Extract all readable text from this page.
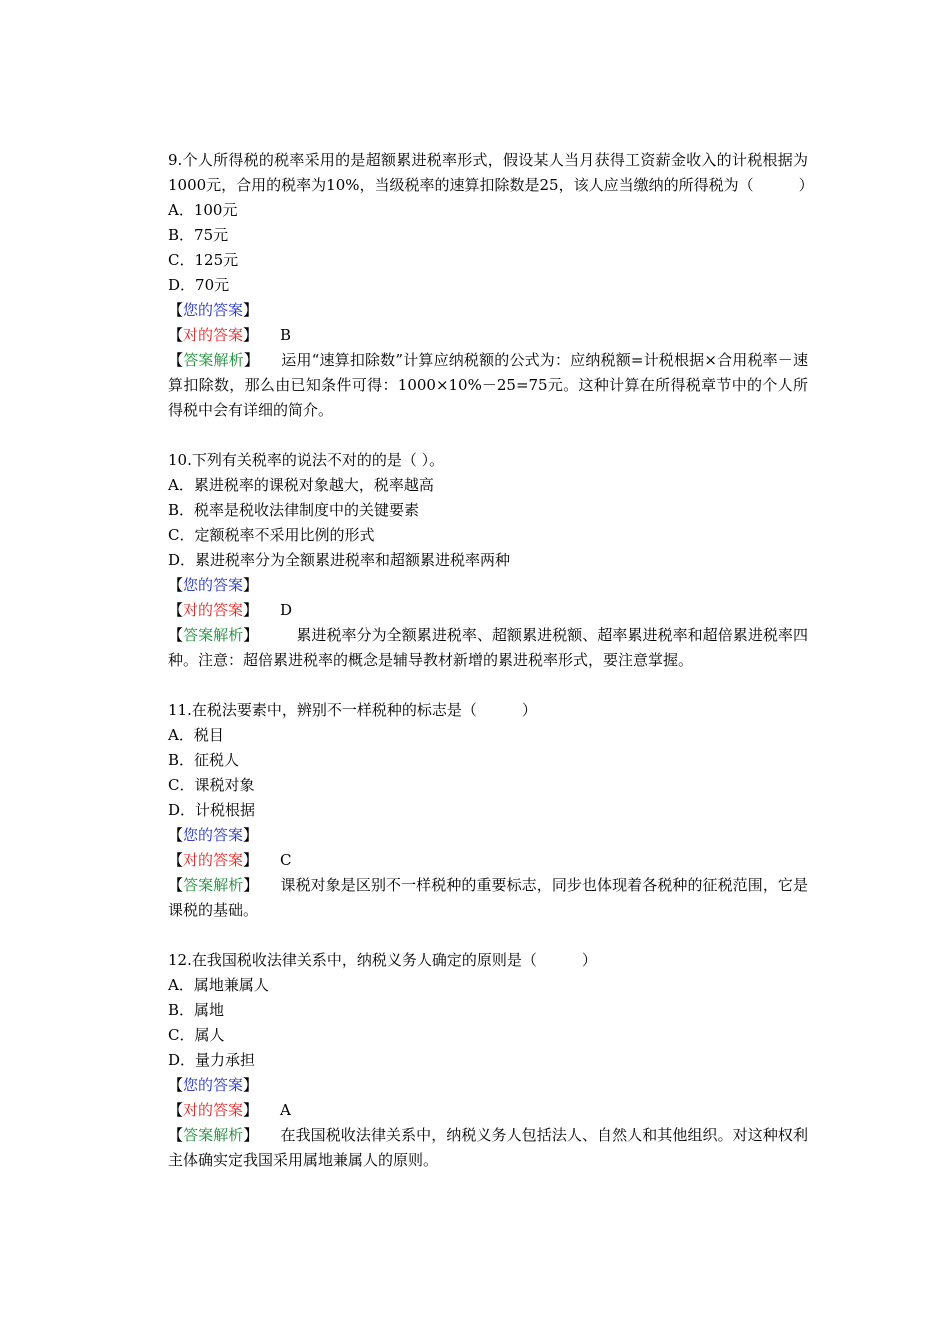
9.个人所得税的税率采用的是超额累进税率形式，假设某人当月获得工资薪金收入的计税根据为1000元，合用的税率为10%，当级税率的速算扣除数是25，该人应当缴纳的所得税为（　　　）
A．100元
B．75元
C．125元
D．70元
【您的答案】
【对的答案】 B
【答案解析】 运用“速算扣除数”计算应纳税额的公式为：应纳税额=计税根据×合用税率－速算扣除数，那么由已知条件可得：1000×10%－25=75元。这种计算在所得税章节中的个人所得税中会有详细的简介。
10.下列有关税率的说法不对的的是（ ）。
A．累进税率的课税对象越大，税率越高
B．税率是税收法律制度中的关键要素
C．定额税率不采用比例的形式
D．累进税率分为全额累进税率和超额累进税率两种
【您的答案】
【对的答案】 D
【答案解析】	累进税率分为全额累进税率、超额累进税额、超率累进税率和超倍累进税率四种。注意：超倍累进税率的概念是辅导教材新增的累进税率形式，要注意掌握。
11.在税法要素中，辨别不一样税种的标志是（　　　）
A．税目
B．征税人
C．课税对象
D．计税根据
【您的答案】
【对的答案】 C
【答案解析】 课税对象是区别不一样税种的重要标志，同步也体现着各税种的征税范围，它是课税的基础。
12.在我国税收法律关系中，纳税义务人确定的原则是（　　　）
A．属地兼属人
B．属地
C．属人
D．量力承担
【您的答案】
【对的答案】 A
【答案解析】 在我国税收法律关系中，纳税义务人包括法人、自然人和其他组织。对这种权利主体确实定我国采用属地兼属人的原则。
